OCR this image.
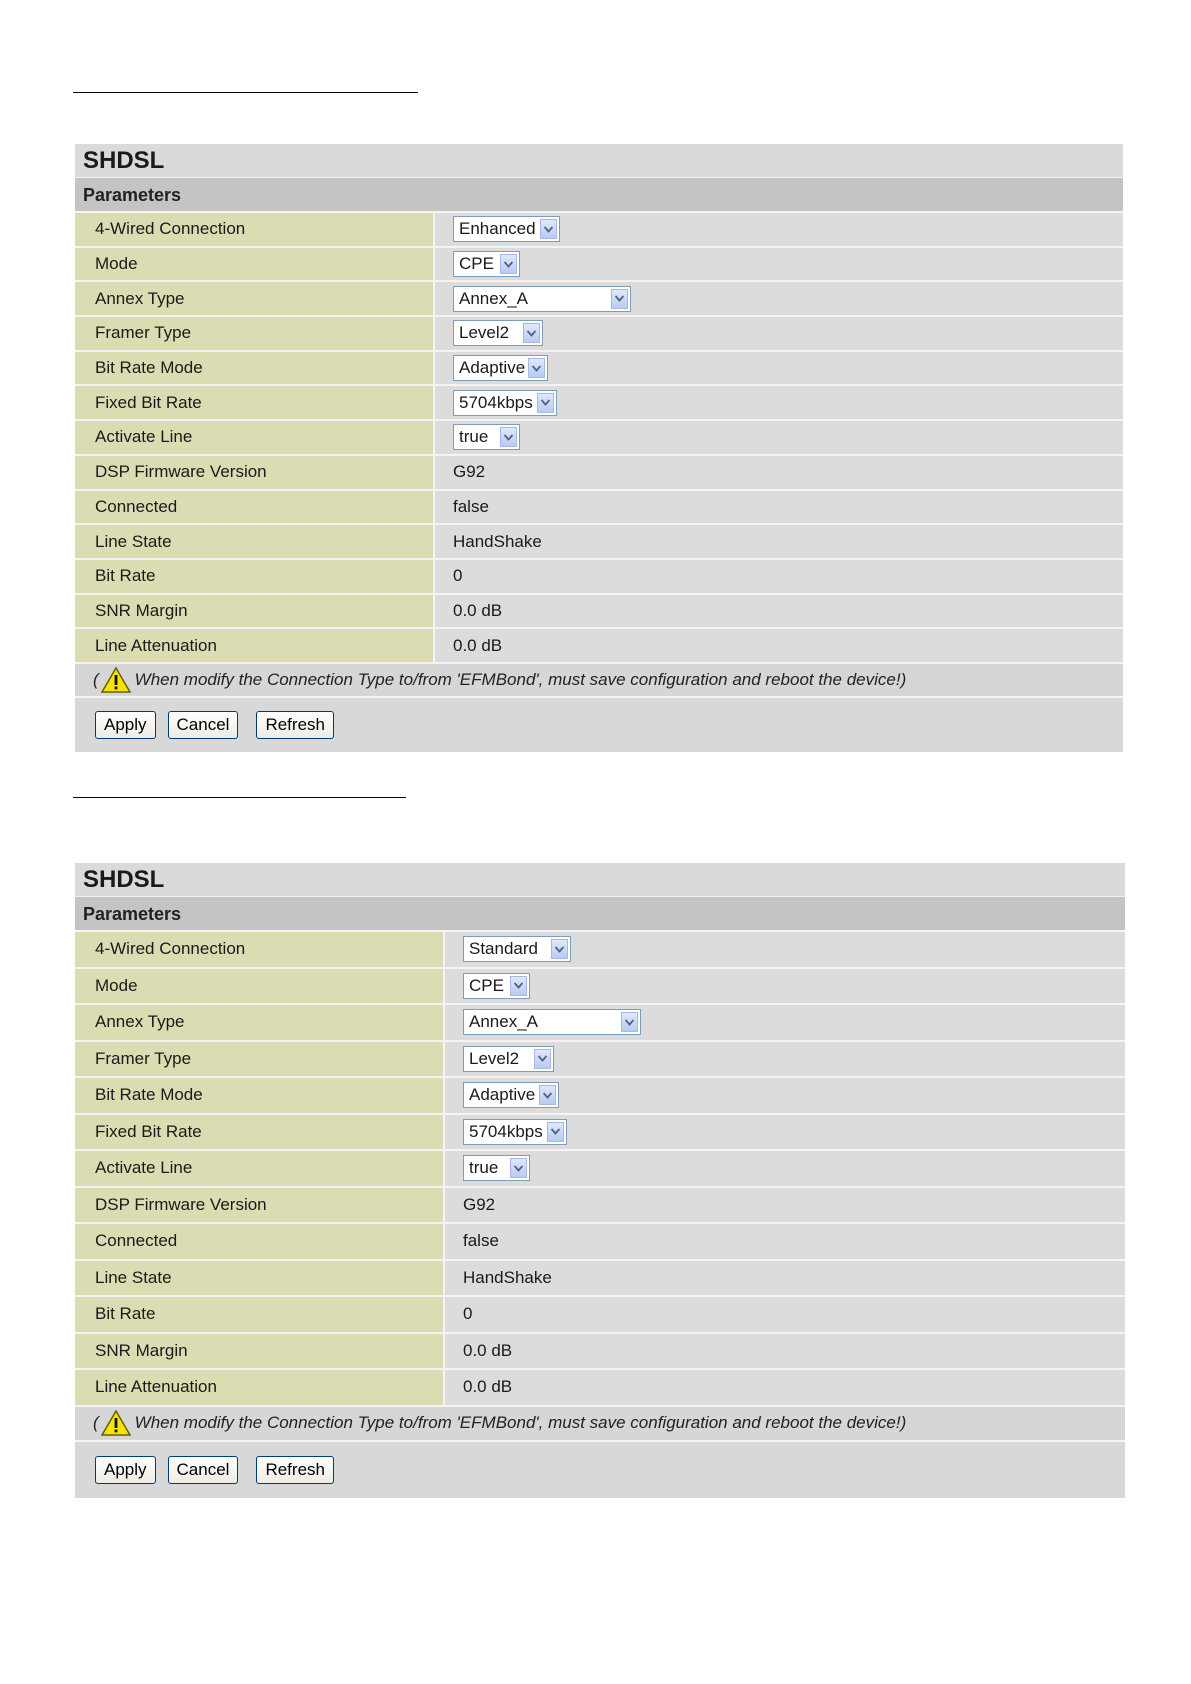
SHDSL
Parameters
4-Wired Connection	Enhanced
Mode	CPE
Annex Type	Annex_A
Framer Type	Level2
Bit Rate Mode	Adaptive
Fixed Bit Rate	5704kbps
Activate Line	true
DSP Firmware Version	G92
Connected	false
Line State	HandShake
Bit Rate	0
SNR Margin	0.0 dB
Line Attenuation	0.0 dB
( When modify the Connection Type to/from 'EFMBond', must save configuration and reboot the device!)
Apply	Cancel	Refresh
SHDSL
Parameters
4-Wired Connection	Standard
Mode	CPE
Annex Type	Annex_A
Framer Type	Level2
Bit Rate Mode	Adaptive
Fixed Bit Rate	5704kbps
Activate Line	true
DSP Firmware Version	G92
Connected	false
Line State	HandShake
Bit Rate	0
SNR Margin	0.0 dB
Line Attenuation	0.0 dB
( When modify the Connection Type to/from 'EFMBond', must save configuration and reboot the device!)
Apply	Cancel	Refresh
